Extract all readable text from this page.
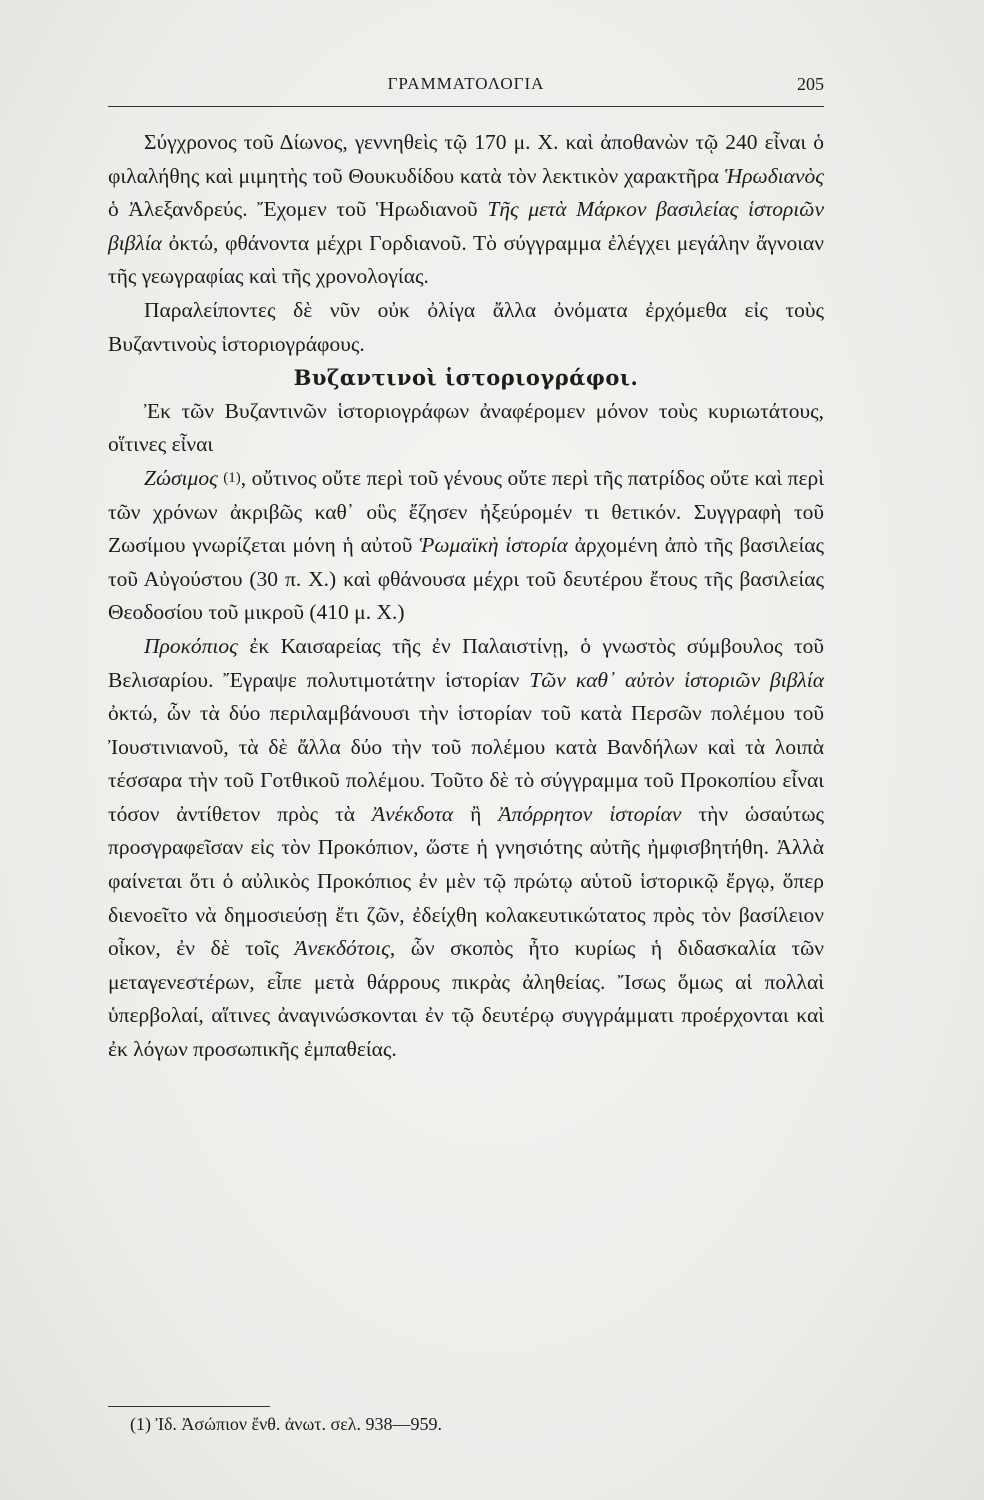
ΓΡΑΜΜΑΤΟΛΟΓΙΑ	205

Σύγχρονος τοῦ Δίωνος, γεννηθεὶς τῷ 170 μ. Χ. καὶ ἀποθανὼν τῷ 240 εἶναι ὁ φιλαλήθης καὶ μιμητὴς τοῦ Θουκυδίδου κατὰ τὸν λεκτικὸν χαρακτῆρα Ἡρωδιανὸς ὁ Ἀλεξανδρεύς. Ἔχομεν τοῦ Ἡρωδιανοῦ Τῆς μετὰ Μάρκον βασιλείας ἱστοριῶν βιβλία ὀκτώ, φθάνοντα μέχρι Γορδιανοῦ. Τὸ σύγγραμμα ἐλέγχει μεγάλην ἄγνοιαν τῆς γεωγραφίας καὶ τῆς χρονολογίας.

Παραλείποντες δὲ νῦν οὐκ ὀλίγα ἄλλα ὀνόματα ἐρχόμεθα εἰς τοὺς Βυζαντινοὺς ἱστοριογράφους.

Βυζαντινοὶ ἱστοριογράφοι.

Ἐκ τῶν Βυζαντινῶν ἱστοριογράφων ἀναφέρομεν μόνον τοὺς κυριωτάτους, οἵτινες εἶναι

Ζώσιμος $^{(1)}$, οὔτινος οὔτε περὶ τοῦ γένους οὔτε περὶ τῆς πατρίδος οὔτε καὶ περὶ τῶν χρόνων ἀκριβῶς καθ᾽ οὓς ἔζησεν ἠξεύρομέν τι θετικόν. Συγγραφὴ τοῦ Ζωσίμου γνωρίζεται μόνη ἡ αὐτοῦ Ῥωμαϊκὴ ἱστορία ἀρχομένη ἀπὸ τῆς βασιλείας τοῦ Αὐγούστου (30 π. Χ.) καὶ φθάνουσα μέχρι τοῦ δευτέρου ἔτους τῆς βασιλείας Θεοδοσίου τοῦ μικροῦ (410 μ. Χ.)

Προκόπιος ἐκ Καισαρείας τῆς ἐν Παλαιστίνῃ, ὁ γνωστὸς σύμβουλος τοῦ Βελισαρίου. Ἔγραψε πολυτιμοτάτην ἱστορίαν Τῶν καθ᾽ αὐτὸν ἱστοριῶν βιβλία ὀκτώ, ὧν τὰ δύο περιλαμβάνουσι τὴν ἱστορίαν τοῦ κατὰ Περσῶν πολέμου τοῦ Ἰουστινιανοῦ, τὰ δὲ ἄλλα δύο τὴν τοῦ πολέμου κατὰ Βανδήλων καὶ τὰ λοιπὰ τέσσαρα τὴν τοῦ Γοτθικοῦ πολέμου. Τοῦτο δὲ τὸ σύγγραμμα τοῦ Προκοπίου εἶναι τόσον ἀντίθετον πρὸς τὰ Ἀνέκδοτα ἢ Ἀπόρρητον ἱστορίαν τὴν ὡσαύτως προσγραφεῖσαν εἰς τὸν Προκόπιον, ὥστε ἡ γνησιότης αὐτῆς ἠμφισβητήθη. Ἀλλὰ φαίνεται ὅτι ὁ αὐλικὸς Προκόπιος ἐν μὲν τῷ πρώτῳ αὑτοῦ ἱστορικῷ ἔργῳ, ὅπερ διενοεῖτο νὰ δημοσιεύσῃ ἔτι ζῶν, ἐδείχθη κολακευτικώτατος πρὸς τὸν βασίλειον οἶκον, ἐν δὲ τοῖς Ἀνεκδότοις, ὧν σκοπὸς ἦτο κυρίως ἡ διδασκαλία τῶν μεταγενεστέρων, εἶπε μετὰ θάρρους πικρὰς ἀληθείας. Ἴσως ὅμως αἱ πολλαὶ ὑπερβολαί, αἵτινες ἀναγινώσκονται ἐν τῷ δευτέρῳ συγγράμματι προέρχονται καὶ ἐκ λόγων προσωπικῆς ἐμπαθείας.

(1) Ἰδ. Ἀσώπιον ἔνθ. ἀνωτ. σελ. 938—959.
